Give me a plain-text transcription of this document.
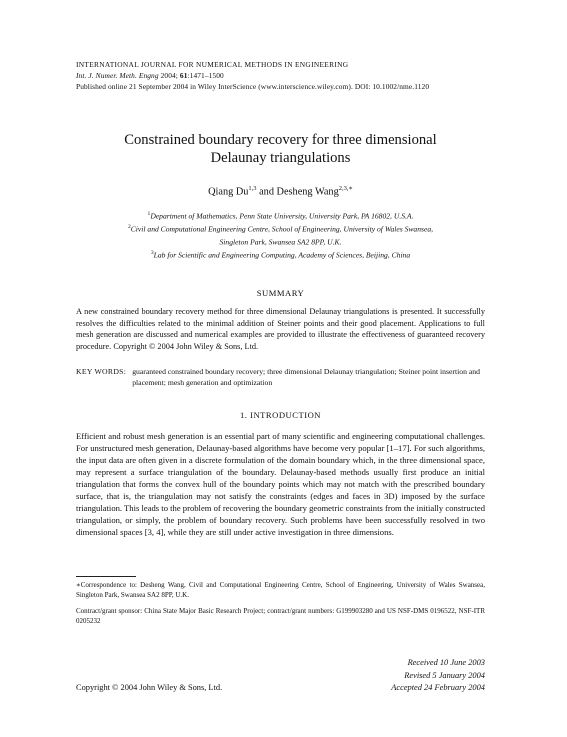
INTERNATIONAL JOURNAL FOR NUMERICAL METHODS IN ENGINEERING
Int. J. Numer. Meth. Engng 2004; 61:1471–1500
Published online 21 September 2004 in Wiley InterScience (www.interscience.wiley.com). DOI: 10.1002/nme.1120
Constrained boundary recovery for three dimensional
Delaunay triangulations
Qiang Du$^{1,3}$ and Desheng Wang$^{2,3,∗}$
$^1$Department of Mathematics, Penn State University, University Park, PA 16802, U.S.A.
$^2$Civil and Computational Engineering Centre, School of Engineering, University of Wales Swansea,
Singleton Park, Swansea SA2 8PP, U.K.
$^3$Lab for Scientific and Engineering Computing, Academy of Sciences, Beijing, China
SUMMARY
A new constrained boundary recovery method for three dimensional Delaunay triangulations is presented. It successfully resolves the difficulties related to the minimal addition of Steiner points and their good placement. Applications to full mesh generation are discussed and numerical examples are provided to illustrate the effectiveness of guaranteed recovery procedure. Copyright © 2004 John Wiley & Sons, Ltd.
KEY WORDS: guaranteed constrained boundary recovery; three dimensional Delaunay triangulation; Steiner point insertion and placement; mesh generation and optimization
1. INTRODUCTION
Efficient and robust mesh generation is an essential part of many scientific and engineering computational challenges. For unstructured mesh generation, Delaunay-based algorithms have become very popular [1–17]. For such algorithms, the input data are often given in a discrete formulation of the domain boundary which, in the three dimensional space, may represent a surface triangulation of the boundary. Delaunay-based methods usually first produce an initial triangulation that forms the convex hull of the boundary points which may not match with the prescribed boundary surface, that is, the triangulation may not satisfy the constraints (edges and faces in 3D) imposed by the surface triangulation. This leads to the problem of recovering the boundary geometric constraints from the initially constructed triangulation, or simply, the problem of boundary recovery. Such problems have been successfully resolved in two dimensional spaces [3, 4], while they are still under active investigation in three dimensions.
∗Correspondence to: Desheng Wang, Civil and Computational Engineering Centre, School of Engineering, University of Wales Swansea, Singleton Park, Swansea SA2 8PP, U.K.
Contract/grant sponsor: China State Major Basic Research Project; contract/grant numbers: G199903280 and US NSF-DMS 0196522, NSF-ITR 0205232
Received 10 June 2003
Revised 5 January 2004
Accepted 24 February 2004
Copyright © 2004 John Wiley & Sons, Ltd.
